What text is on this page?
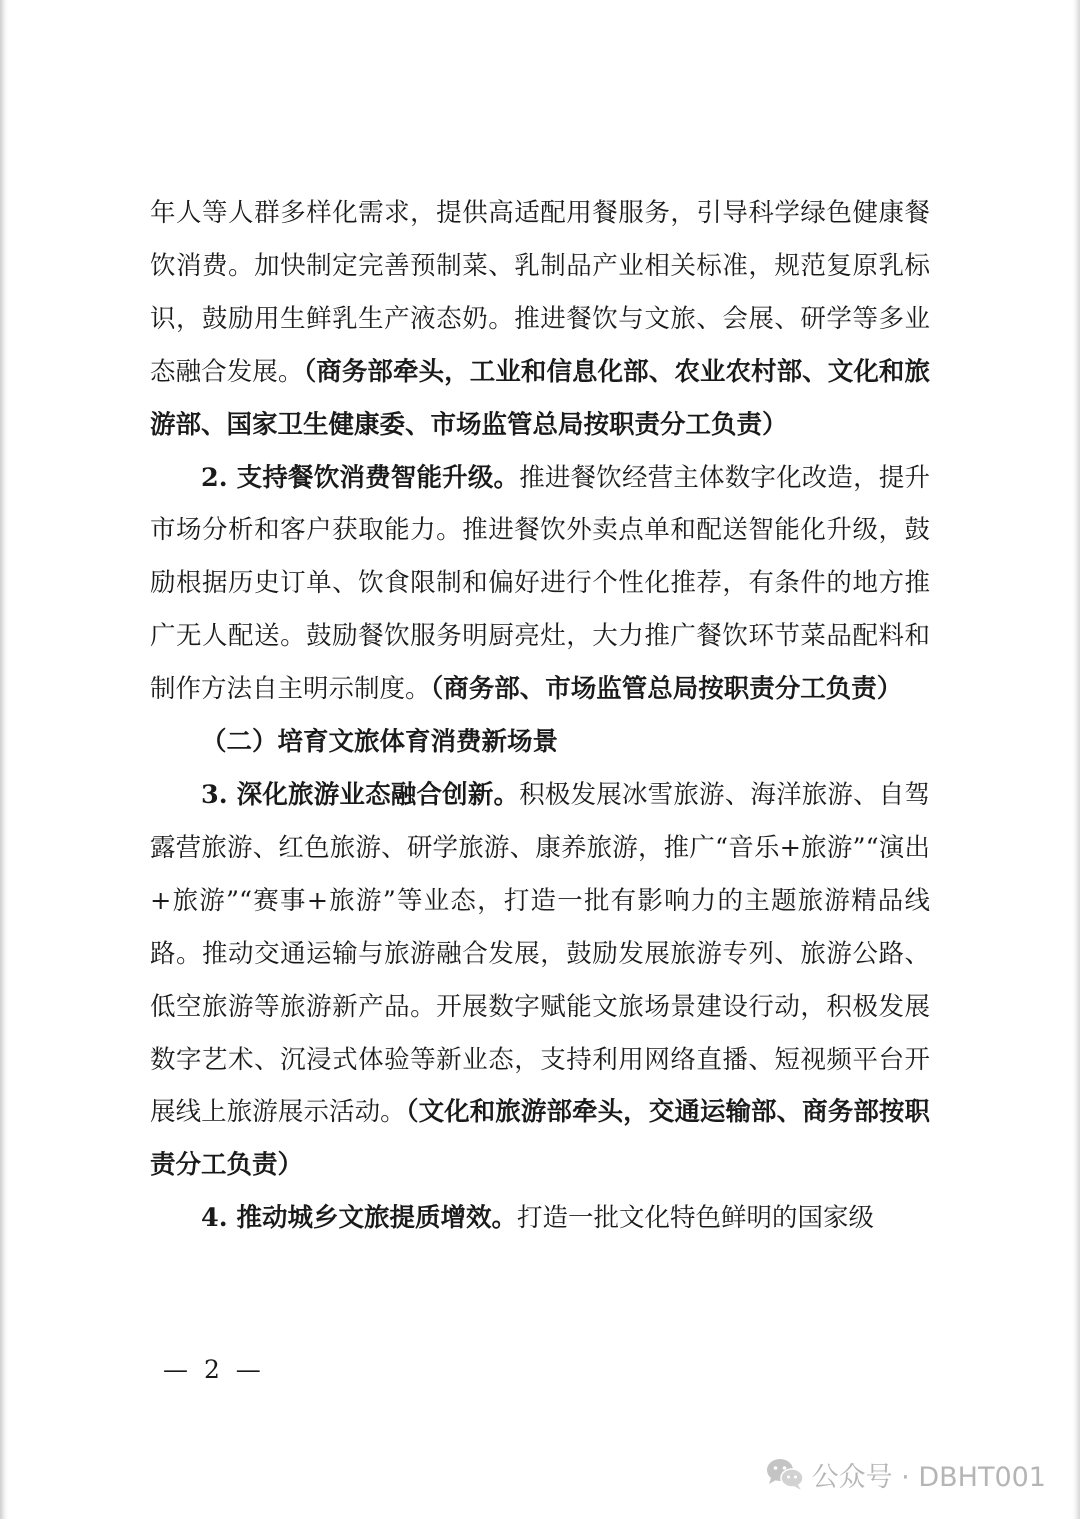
年人等人群多样化需求，提供高适配用餐服务，引导科学绿色健康餐饮消费。加快制定完善预制菜、乳制品产业相关标准，规范复原乳标识，鼓励用生鲜乳生产液态奶。推进餐饮与文旅、会展、研学等多业态融合发展。（商务部牵头，工业和信息化部、农业农村部、文化和旅游部、国家卫生健康委、市场监管总局按职责分工负责）

2. 支持餐饮消费智能升级。推进餐饮经营主体数字化改造，提升市场分析和客户获取能力。推进餐饮外卖点单和配送智能化升级，鼓励根据历史订单、饮食限制和偏好进行个性化推荐，有条件的地方推广无人配送。鼓励餐饮服务明厨亮灶，大力推广餐饮环节菜品配料和制作方法自主明示制度。（商务部、市场监管总局按职责分工负责）

（二）培育文旅体育消费新场景

3. 深化旅游业态融合创新。积极发展冰雪旅游、海洋旅游、自驾露营旅游、红色旅游、研学旅游、康养旅游，推广“音乐+旅游”“演出+旅游”“赛事+旅游”等业态，打造一批有影响力的主题旅游精品线路。推动交通运输与旅游融合发展，鼓励发展旅游专列、旅游公路、低空旅游等旅游新产品。开展数字赋能文旅场景建设行动，积极发展数字艺术、沉浸式体验等新业态，支持利用网络直播、短视频平台开展线上旅游展示活动。（文化和旅游部牵头，交通运输部、商务部按职责分工负责）

4. 推动城乡文旅提质增效。打造一批文化特色鲜明的国家级

— 2 —
公众号 · DBHT001
